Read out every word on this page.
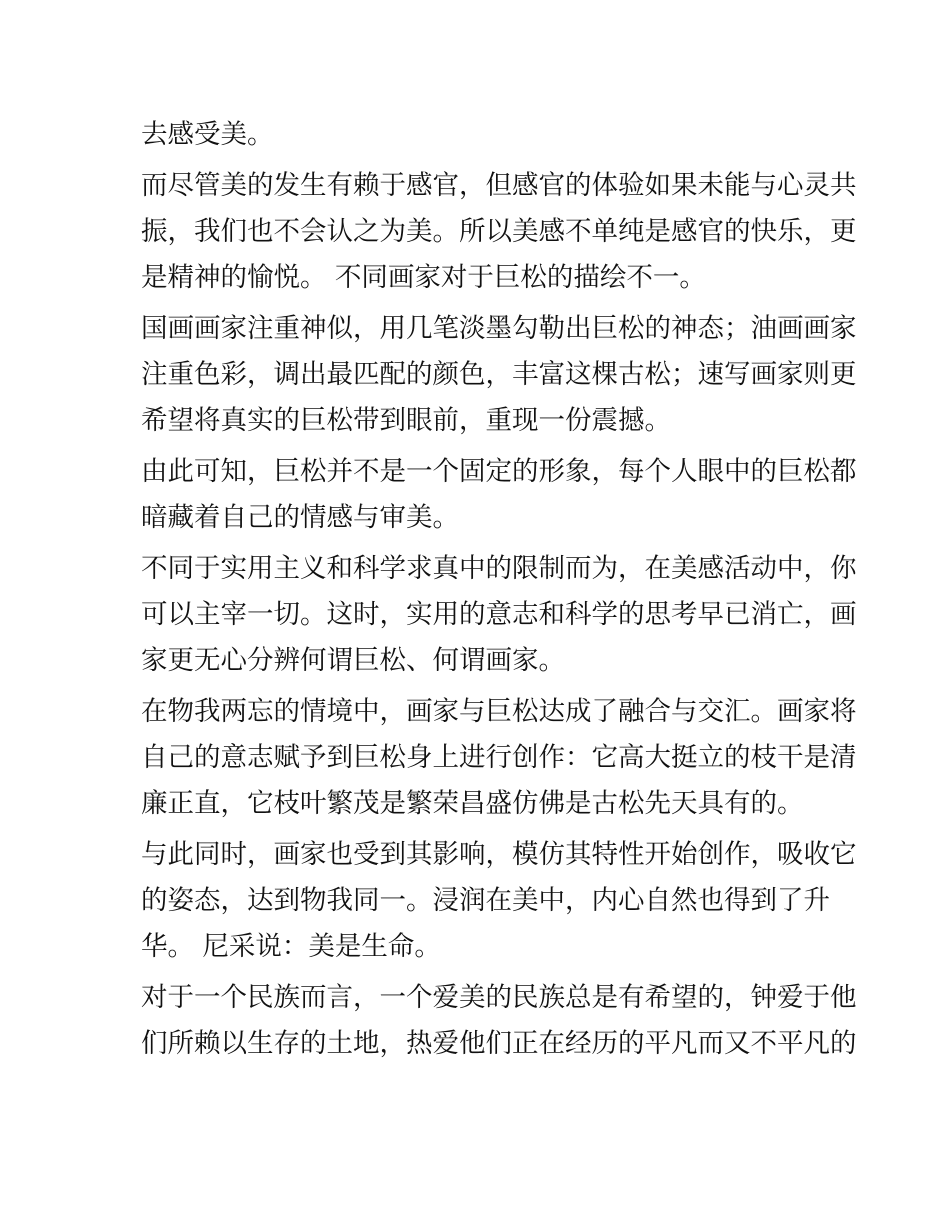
去感受美。
而尽管美的发生有赖于感官，但感官的体验如果未能与心灵共
振，我们也不会认之为美。所以美感不单纯是感官的快乐，更
是精神的愉悦。 不同画家对于巨松的描绘不一。
国画画家注重神似，用几笔淡墨勾勒出巨松的神态；油画画家
注重色彩，调出最匹配的颜色，丰富这棵古松；速写画家则更
希望将真实的巨松带到眼前，重现一份震撼。
由此可知，巨松并不是一个固定的形象，每个人眼中的巨松都
暗藏着自己的情感与审美。
不同于实用主义和科学求真中的限制而为，在美感活动中，你
可以主宰一切。这时，实用的意志和科学的思考早已消亡，画
家更无心分辨何谓巨松、何谓画家。
在物我两忘的情境中，画家与巨松达成了融合与交汇。画家将
自己的意志赋予到巨松身上进行创作：它高大挺立的枝干是清
廉正直，它枝叶繁茂是繁荣昌盛仿佛是古松先天具有的。
与此同时，画家也受到其影响，模仿其特性开始创作，吸收它
的姿态，达到物我同一。浸润在美中，内心自然也得到了升
华。 尼采说：美是生命。
对于一个民族而言，一个爱美的民族总是有希望的，钟爱于他
们所赖以生存的土地，热爱他们正在经历的平凡而又不平凡的
